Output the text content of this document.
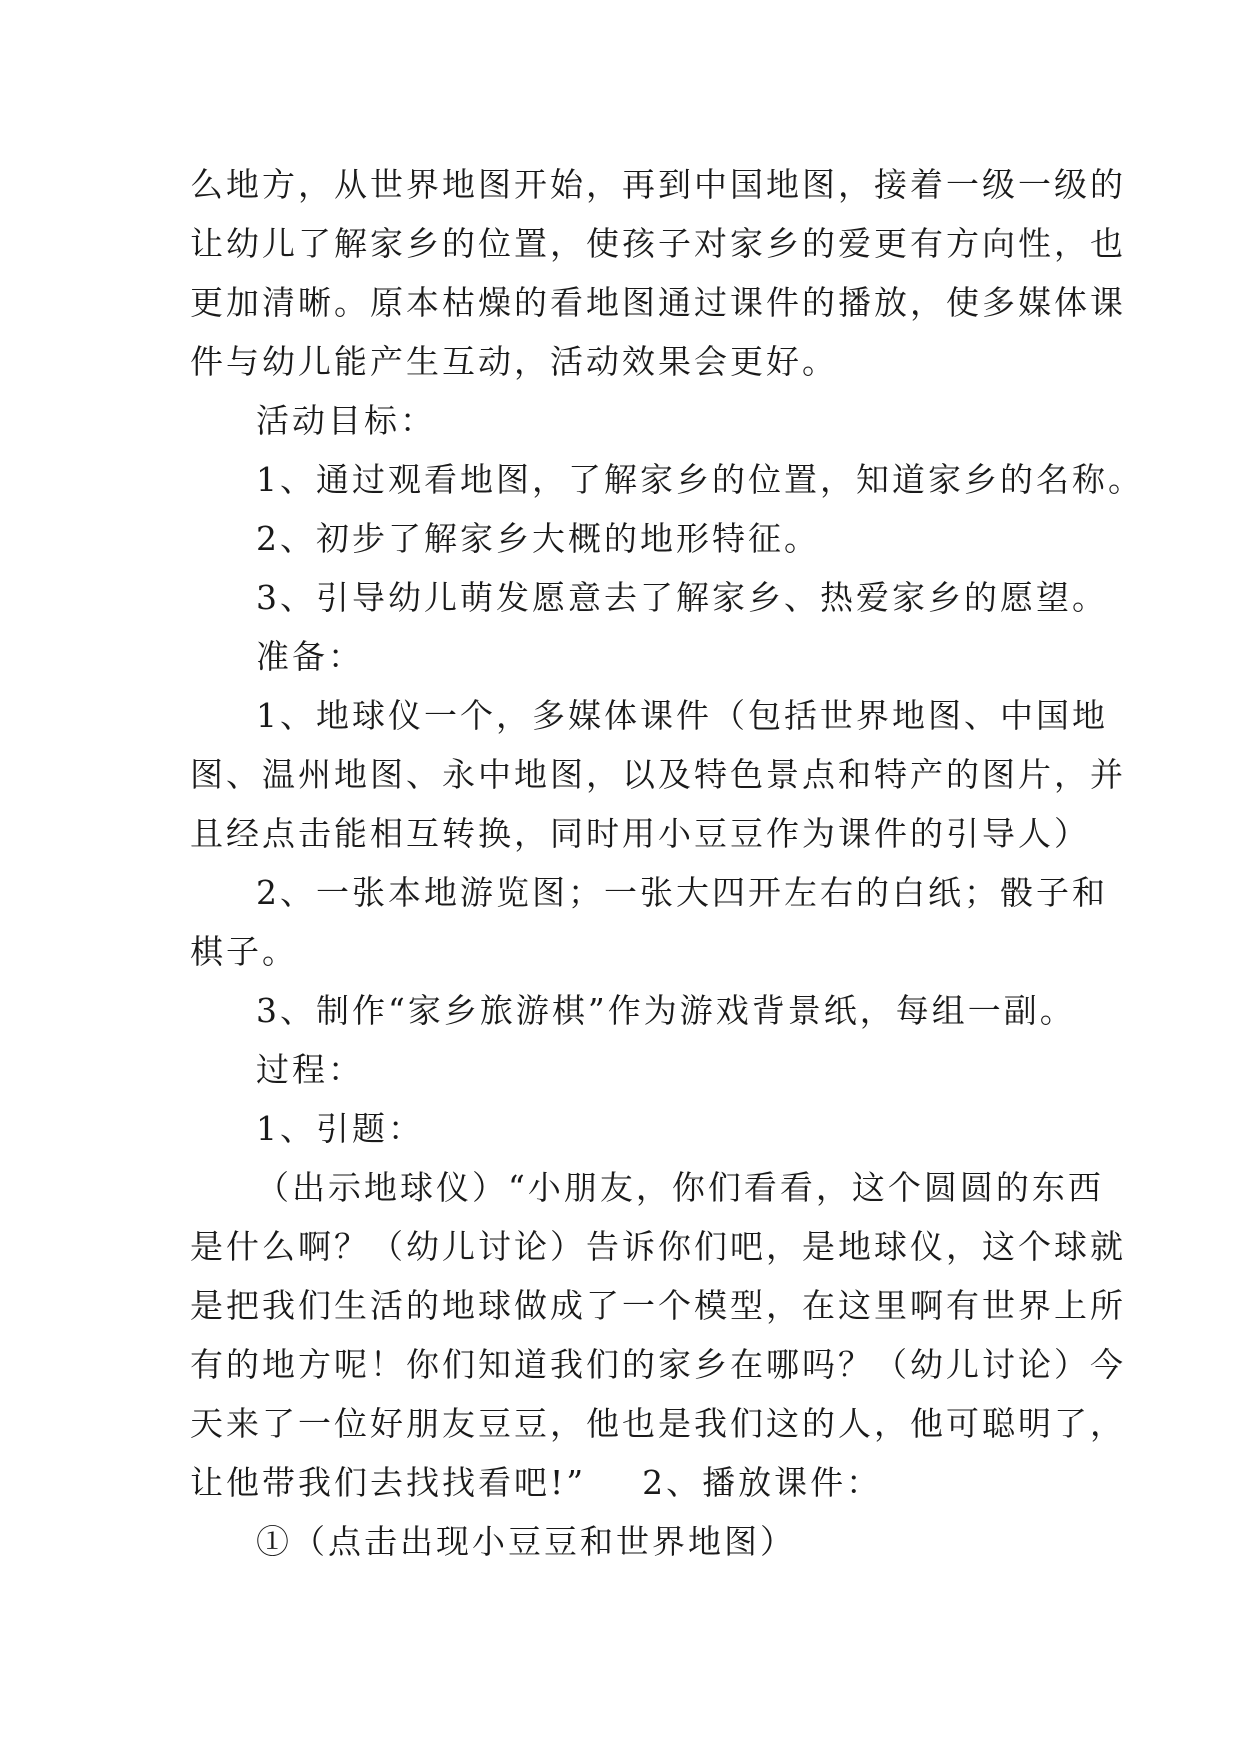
么地方，从世界地图开始，再到中国地图，接着一级一级的
让幼儿了解家乡的位置，使孩子对家乡的爱更有方向性，也
更加清晰。原本枯燥的看地图通过课件的播放，使多媒体课
件与幼儿能产生互动，活动效果会更好。
活动目标：
1、通过观看地图，了解家乡的位置，知道家乡的名称。
2、初步了解家乡大概的地形特征。
3、引导幼儿萌发愿意去了解家乡、热爱家乡的愿望。
准备：
1、地球仪一个，多媒体课件（包括世界地图、中国地
图、温州地图、永中地图，以及特色景点和特产的图片，并
且经点击能相互转换，同时用小豆豆作为课件的引导人）
2、一张本地游览图；一张大四开左右的白纸；骰子和
棋子。
3、制作“家乡旅游棋”作为游戏背景纸，每组一副。
过程：
1、引题：
（出示地球仪）“小朋友，你们看看，这个圆圆的东西
是什么啊？（幼儿讨论）告诉你们吧，是地球仪，这个球就
是把我们生活的地球做成了一个模型，在这里啊有世界上所
有的地方呢！你们知道我们的家乡在哪吗？（幼儿讨论）今
天来了一位好朋友豆豆，他也是我们这的人，他可聪明了，
让他带我们去找找看吧!” 2、播放课件：
①（点击出现小豆豆和世界地图）
